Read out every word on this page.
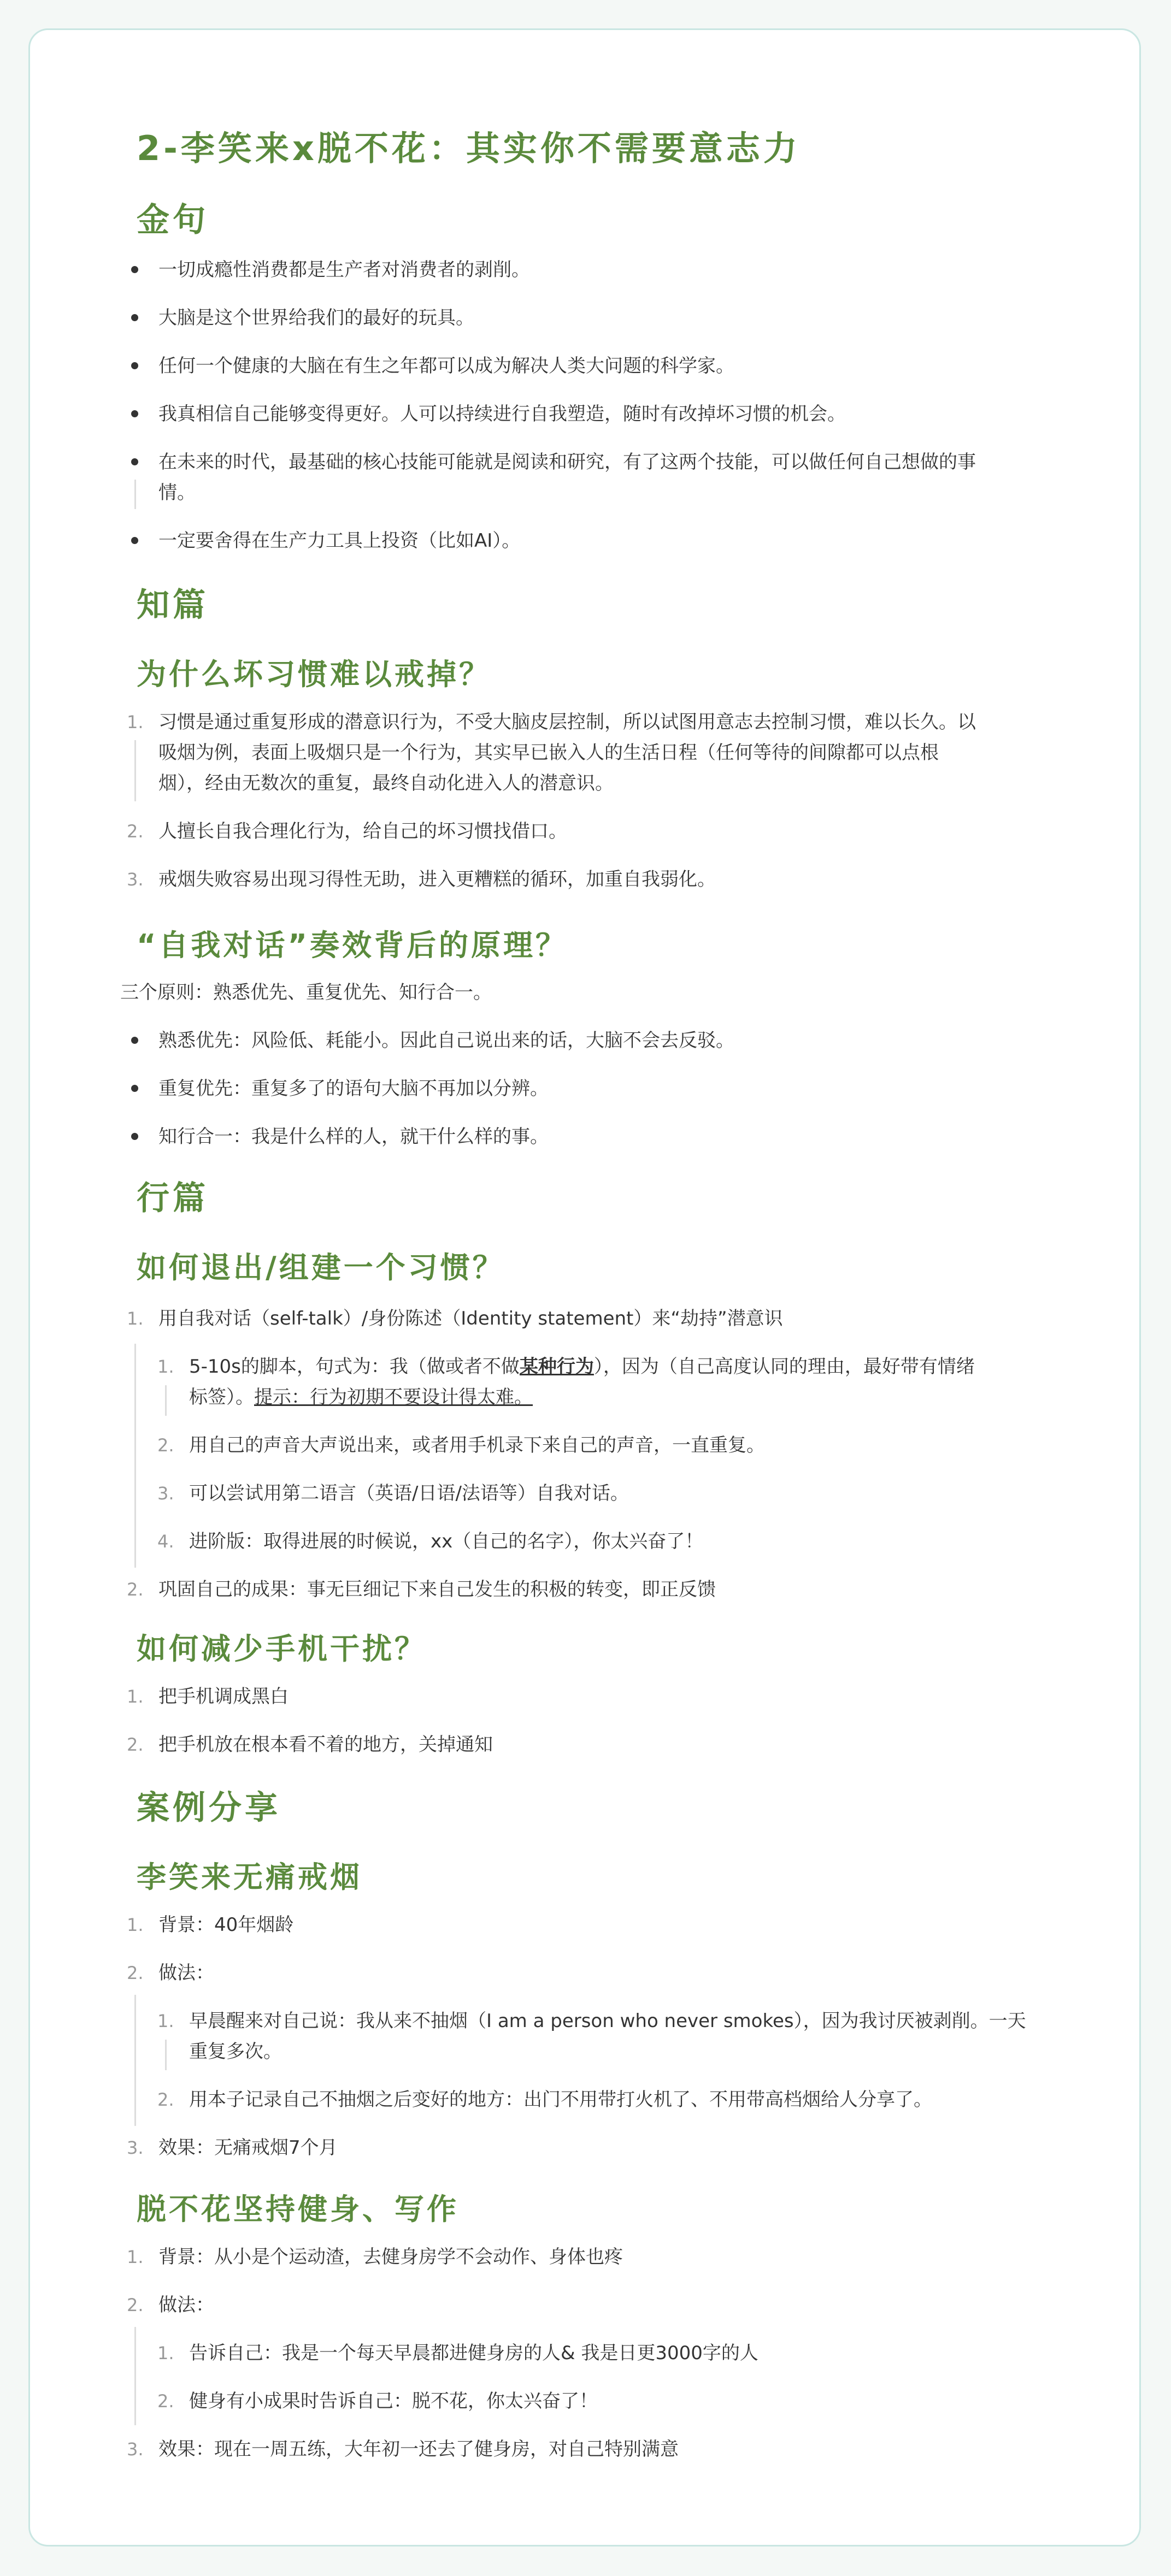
2-李笑来x脱不花：其实你不需要意志力
金句
一切成瘾性消费都是生产者对消费者的剥削。
大脑是这个世界给我们的最好的玩具。
任何一个健康的大脑在有生之年都可以成为解决人类大问题的科学家。
我真相信自己能够变得更好。人可以持续进行自我塑造，随时有改掉坏习惯的机会。
在未来的时代，最基础的核心技能可能就是阅读和研究，有了这两个技能，可以做任何自己想做的事
情。
一定要舍得在生产力工具上投资（比如AI）。
知篇
为什么坏习惯难以戒掉？
1. 习惯是通过重复形成的潜意识行为，不受大脑皮层控制，所以试图用意志去控制习惯，难以长久。以
吸烟为例，表面上吸烟只是一个行为，其实早已嵌入人的生活日程（任何等待的间隙都可以点根
烟），经由无数次的重复，最终自动化进入人的潜意识。
2. 人擅长自我合理化行为，给自己的坏习惯找借口。
3. 戒烟失败容易出现习得性无助，进入更糟糕的循环，加重自我弱化。
“自我对话”奏效背后的原理？
三个原则：熟悉优先、重复优先、知行合一。
熟悉优先：风险低、耗能小。因此自己说出来的话，大脑不会去反驳。
重复优先：重复多了的语句大脑不再加以分辨。
知行合一：我是什么样的人，就干什么样的事。
行篇
如何退出/组建一个习惯？
1. 用自我对话（self-talk）/身份陈述（Identity statement）来“劫持”潜意识
1. 5-10s的脚本，句式为：我（做或者不做某种行为），因为（自己高度认同的理由，最好带有情绪
标签）。提示：行为初期不要设计得太难。
2. 用自己的声音大声说出来，或者用手机录下来自己的声音，一直重复。
3. 可以尝试用第二语言（英语/日语/法语等）自我对话。
4. 进阶版：取得进展的时候说，xx（自己的名字），你太兴奋了！
2. 巩固自己的成果：事无巨细记下来自己发生的积极的转变，即正反馈
如何减少手机干扰？
1. 把手机调成黑白
2. 把手机放在根本看不着的地方，关掉通知
案例分享
李笑来无痛戒烟
1. 背景：40年烟龄
2. 做法：
1. 早晨醒来对自己说：我从来不抽烟（I am a person who never smokes），因为我讨厌被剥削。一天
重复多次。
2. 用本子记录自己不抽烟之后变好的地方：出门不用带打火机了、不用带高档烟给人分享了。
3. 效果：无痛戒烟7个月
脱不花坚持健身、写作
1. 背景：从小是个运动渣，去健身房学不会动作、身体也疼
2. 做法：
1. 告诉自己：我是一个每天早晨都进健身房的人& 我是日更3000字的人
2. 健身有小成果时告诉自己：脱不花，你太兴奋了！
3. 效果：现在一周五练，大年初一还去了健身房，对自己特别满意
